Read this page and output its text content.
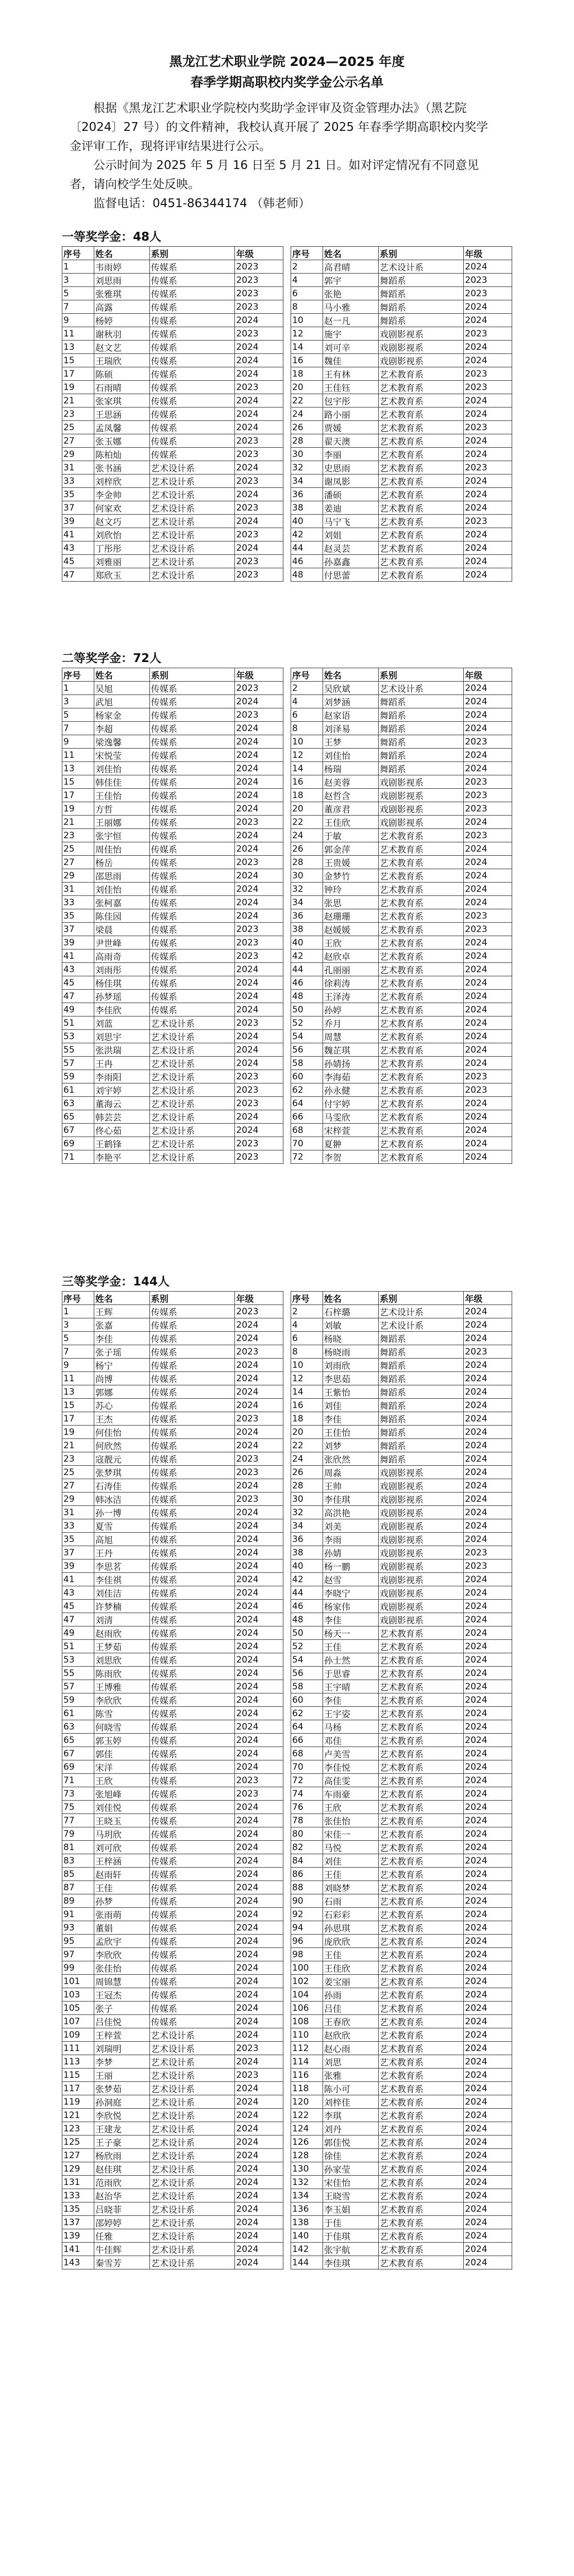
黑龙江艺术职业学院 2024—2025 年度
春季学期高职校内奖学金公示名单

根据《黑龙江艺术职业学院校内奖助学金评审及资金管理办法》（黑艺院〔2024〕27 号）的文件精神，我校认真开展了 2025 年春季学期高职校内奖学金评审工作，现将评审结果进行公示。

公示时间为 2025 年 5 月 16 日至 5 月 21 日。如对评定情况有不同意见者，请向校学生处反映。

监督电话：0451-86344174 （韩老师）

一等奖学金：48人
序号	姓名	系别	年级
1	韦雨婷	传媒系	2023
3	刘思雨	传媒系	2023
5	张雅琪	传媒系	2023
7	高露	传媒系	2023
9	杨婷	传媒系	2024
11	谢秋羽	传媒系	2023
13	赵文艺	传媒系	2024
15	王瑞欣	传媒系	2024
17	陈硕	传媒系	2024
19	石雨晴	传媒系	2023
21	张家琪	传媒系	2024
23	王思涵	传媒系	2024
25	孟凤馨	传媒系	2024
27	张玉娜	传媒系	2023
29	陈柏灿	传媒系	2023
31	张书涵	艺术设计系	2024
33	刘梓欣	艺术设计系	2023
35	李金帅	艺术设计系	2024
37	何家欢	艺术设计系	2023
39	赵文巧	艺术设计系	2024
41	刘欣怡	艺术设计系	2023
43	丁彤彤	艺术设计系	2024
45	刘雅丽	艺术设计系	2023
47	郑欣玉	艺术设计系	2023
序号	姓名	系别	年级
2	高君晴	艺术设计系	2024
4	郭宇	舞蹈系	2023
6	张艳	舞蹈系	2023
8	马小雅	舞蹈系	2024
10	赵一凡	舞蹈系	2024
12	施宇	戏剧影视系	2023
14	刘可辛	戏剧影视系	2024
16	魏佳	戏剧影视系	2024
18	王有林	艺术教育系	2023
20	王佳钰	艺术教育系	2023
22	包宇彤	艺术教育系	2024
24	路小丽	艺术教育系	2024
26	贾媛	艺术教育系	2023
28	翟天澳	艺术教育系	2024
30	李丽	艺术教育系	2024
32	史思雨	艺术教育系	2023
34	谢凤影	艺术教育系	2024
36	潘硕	艺术教育系	2024
38	姜迪	艺术教育系	2024
40	马宁飞	艺术教育系	2023
42	刘姐	艺术教育系	2024
44	赵灵芸	艺术教育系	2024
46	孙嘉鑫	艺术教育系	2024
48	付思蕾	艺术教育系	2024
二等奖学金：72人
序号	姓名	系别	年级
1	吴旭	传媒系	2023
3	武旭	传媒系	2024
5	杨家金	传媒系	2023
7	李超	传媒系	2024
9	梁逸馨	传媒系	2024
11	宋悦莹	传媒系	2024
13	刘佳怡	传媒系	2024
15	韩佳佳	传媒系	2024
17	王佳怡	传媒系	2024
19	方哲	传媒系	2024
21	王丽娜	传媒系	2023
23	张宇恒	传媒系	2024
25	周佳怡	传媒系	2024
27	杨岳	传媒系	2023
29	邵思雨	传媒系	2024
31	刘佳怡	传媒系	2024
33	张柯嘉	传媒系	2024
35	陈佳园	传媒系	2024
37	梁晨	传媒系	2023
39	尹世峰	传媒系	2023
41	高雨奇	传媒系	2023
43	刘雨彤	传媒系	2024
45	杨佳琪	传媒系	2024
47	孙梦瑶	传媒系	2024
49	李佳欣	传媒系	2024
51	刘蓝	艺术设计系	2023
53	刘思宇	艺术设计系	2024
55	张洪瑞	艺术设计系	2024
57	王冉	艺术设计系	2024
59	李雨阳	艺术设计系	2023
61	刘宇婷	艺术设计系	2023
63	董海云	艺术设计系	2023
65	韩芸芸	艺术设计系	2024
67	佟心茹	艺术设计系	2024
69	王鹤锋	艺术设计系	2023
71	李艳平	艺术设计系	2023
序号	姓名	系别	年级
2	吴欣斌	艺术设计系	2024
4	刘梦涵	舞蹈系	2024
6	赵家语	舞蹈系	2024
8	刘泽易	舞蹈系	2024
10	王梦	舞蹈系	2023
12	刘佳怡	舞蹈系	2024
14	杨瑞	舞蹈系	2024
16	赵美蓉	戏剧影视系	2023
18	赵哲含	戏剧影视系	2023
20	董彦君	戏剧影视系	2023
22	王佳欣	戏剧影视系	2024
24	于敏	艺术教育系	2023
26	郭金萍	艺术教育系	2024
28	王贵媛	艺术教育系	2024
30	金梦竹	艺术教育系	2024
32	钟玲	艺术教育系	2024
34	张思	艺术教育系	2024
36	赵珊珊	艺术教育系	2023
38	赵媛媛	艺术教育系	2023
40	王欣	艺术教育系	2024
42	赵欣卓	艺术教育系	2024
44	孔丽丽	艺术教育系	2024
46	徐莉涛	艺术教育系	2024
48	王泽涛	艺术教育系	2024
50	孙婷	艺术教育系	2024
52	乔月	艺术教育系	2024
54	周慧	艺术教育系	2024
56	魏芷琪	艺术教育系	2024
58	孙婧扬	艺术教育系	2024
60	李海茹	艺术教育系	2023
62	孙永健	艺术教育系	2023
64	付宇婷	艺术教育系	2024
66	马雯欣	艺术教育系	2024
68	宋梓萱	艺术教育系	2024
70	夏翀	艺术教育系	2024
72	李贺	艺术教育系	2024
三等奖学金：144人
序号	姓名	系别	年级
1	王辉	传媒系	2023
3	张嘉	传媒系	2024
5	李佳	传媒系	2024
7	张子瑶	传媒系	2023
9	杨宁	传媒系	2024
11	尚博	传媒系	2024
13	郭娜	传媒系	2024
15	苏心	传媒系	2024
17	王杰	传媒系	2023
19	何佳怡	传媒系	2024
21	何欣然	传媒系	2024
23	寇靓元	传媒系	2023
25	张梦琪	传媒系	2023
27	石涛佳	传媒系	2024
29	韩冰洁	传媒系	2023
31	孙一博	传媒系	2024
33	夏雪	传媒系	2024
35	高旭	传媒系	2024
37	王丹	传媒系	2024
39	李思茗	传媒系	2024
41	李佳祺	传媒系	2024
43	刘佳洁	传媒系	2024
45	许梦楠	传媒系	2024
47	刘清	传媒系	2024
49	赵雨欣	传媒系	2024
51	王梦茹	传媒系	2024
53	刘思欣	传媒系	2024
55	陈雨欣	传媒系	2024
57	王博雅	传媒系	2024
59	李欣欣	传媒系	2024
61	陈雪	传媒系	2024
63	何晓雪	传媒系	2024
65	郭玉婷	传媒系	2024
67	郭佳	传媒系	2024
69	宋洋	传媒系	2024
71	王欣	传媒系	2023
73	张旭峰	传媒系	2023
75	刘佳悦	传媒系	2024
77	王晓玉	传媒系	2024
79	马玥欣	传媒系	2024
81	刘可欣	传媒系	2024
83	王梓涵	传媒系	2024
85	赵雨轩	传媒系	2024
87	王佳	传媒系	2024
89	孙梦	传媒系	2024
91	张雨萌	传媒系	2024
93	董娟	传媒系	2024
95	孟欣宇	传媒系	2024
97	李欣欣	传媒系	2024
99	张佳怡	传媒系	2024
101	周锦慧	传媒系	2024
103	王冠杰	传媒系	2024
105	张子	传媒系	2024
107	吕佳悦	传媒系	2024
109	王梓萱	艺术设计系	2024
111	刘瑞明	艺术设计系	2023
113	李梦	艺术设计系	2024
115	王丽	艺术设计系	2023
117	张梦茹	艺术设计系	2024
119	孙洞庭	艺术设计系	2024
121	李欣悦	艺术设计系	2024
123	王建龙	艺术设计系	2024
125	王子豪	艺术设计系	2024
127	杨欣雨	艺术设计系	2024
129	赵佳琪	艺术设计系	2024
131	范雨欣	艺术设计系	2024
133	赵治华	艺术设计系	2024
135	吕晓菲	艺术设计系	2024
137	邵婷婷	艺术设计系	2024
139	任雅	艺术设计系	2024
141	牛佳辉	艺术设计系	2024
143	秦雪芳	艺术设计系	2024
序号	姓名	系别	年级
2	石梓璐	艺术设计系	2024
4	刘敏	艺术设计系	2024
6	杨晓	舞蹈系	2024
8	杨晓雨	舞蹈系	2023
10	刘雨欣	舞蹈系	2024
12	李思茹	舞蹈系	2024
14	王紫怡	舞蹈系	2024
16	刘佳	舞蹈系	2024
18	李佳	舞蹈系	2024
20	王佳怡	舞蹈系	2024
22	刘梦	舞蹈系	2024
24	张欣然	舞蹈系	2024
26	周淼	戏剧影视系	2024
28	王帅	戏剧影视系	2024
30	李佳琪	戏剧影视系	2024
32	高洪艳	戏剧影视系	2024
34	刘美	戏剧影视系	2024
36	李雨	戏剧影视系	2024
38	孙婧	戏剧影视系	2023
40	杨一鹏	戏剧影视系	2023
42	赵雪	戏剧影视系	2024
44	李晓宁	戏剧影视系	2024
46	杨家伟	戏剧影视系	2024
48	李佳	戏剧影视系	2024
50	杨天一	艺术教育系	2024
52	王佳	艺术教育系	2024
54	孙士然	艺术教育系	2024
56	于思睿	艺术教育系	2024
58	王宇晴	艺术教育系	2024
60	李佳	艺术教育系	2024
62	王宇姿	艺术教育系	2024
64	马杨	艺术教育系	2024
66	邓佳	艺术教育系	2024
68	卢美雪	艺术教育系	2024
70	李佳悦	艺术教育系	2024
72	高佳雯	艺术教育系	2024
74	车雨豪	艺术教育系	2024
76	王欣	艺术教育系	2024
78	张佳怡	艺术教育系	2024
80	宋佳一	艺术教育系	2024
82	马悦	艺术教育系	2024
84	刘佳	艺术教育系	2024
86	王佳	艺术教育系	2024
88	刘晓梦	艺术教育系	2024
90	石雨	艺术教育系	2024
92	石彩彩	艺术教育系	2024
94	孙思琪	艺术教育系	2024
96	庞欣欣	艺术教育系	2024
98	王佳	艺术教育系	2024
100	王佳欣	艺术教育系	2024
102	姜宝丽	艺术教育系	2024
104	孙雨	艺术教育系	2024
106	吕佳	艺术教育系	2024
108	王春欣	艺术教育系	2024
110	赵欣欣	艺术教育系	2024
112	赵心雨	艺术教育系	2024
114	刘思	艺术教育系	2024
116	张雅	艺术教育系	2024
118	陈小可	艺术教育系	2024
120	刘梓佳	艺术教育系	2024
122	李琪	艺术教育系	2024
124	刘丹	艺术教育系	2024
126	郭佳悦	艺术教育系	2024
128	徐佳	艺术教育系	2024
130	孙家莹	艺术教育系	2024
132	宋佳怡	艺术教育系	2024
134	王晓雪	艺术教育系	2024
136	李玉娟	艺术教育系	2024
138	于佳	艺术教育系	2024
140	于佳琪	艺术教育系	2024
142	张宇航	艺术教育系	2024
144	李佳琪	艺术教育系	2024
